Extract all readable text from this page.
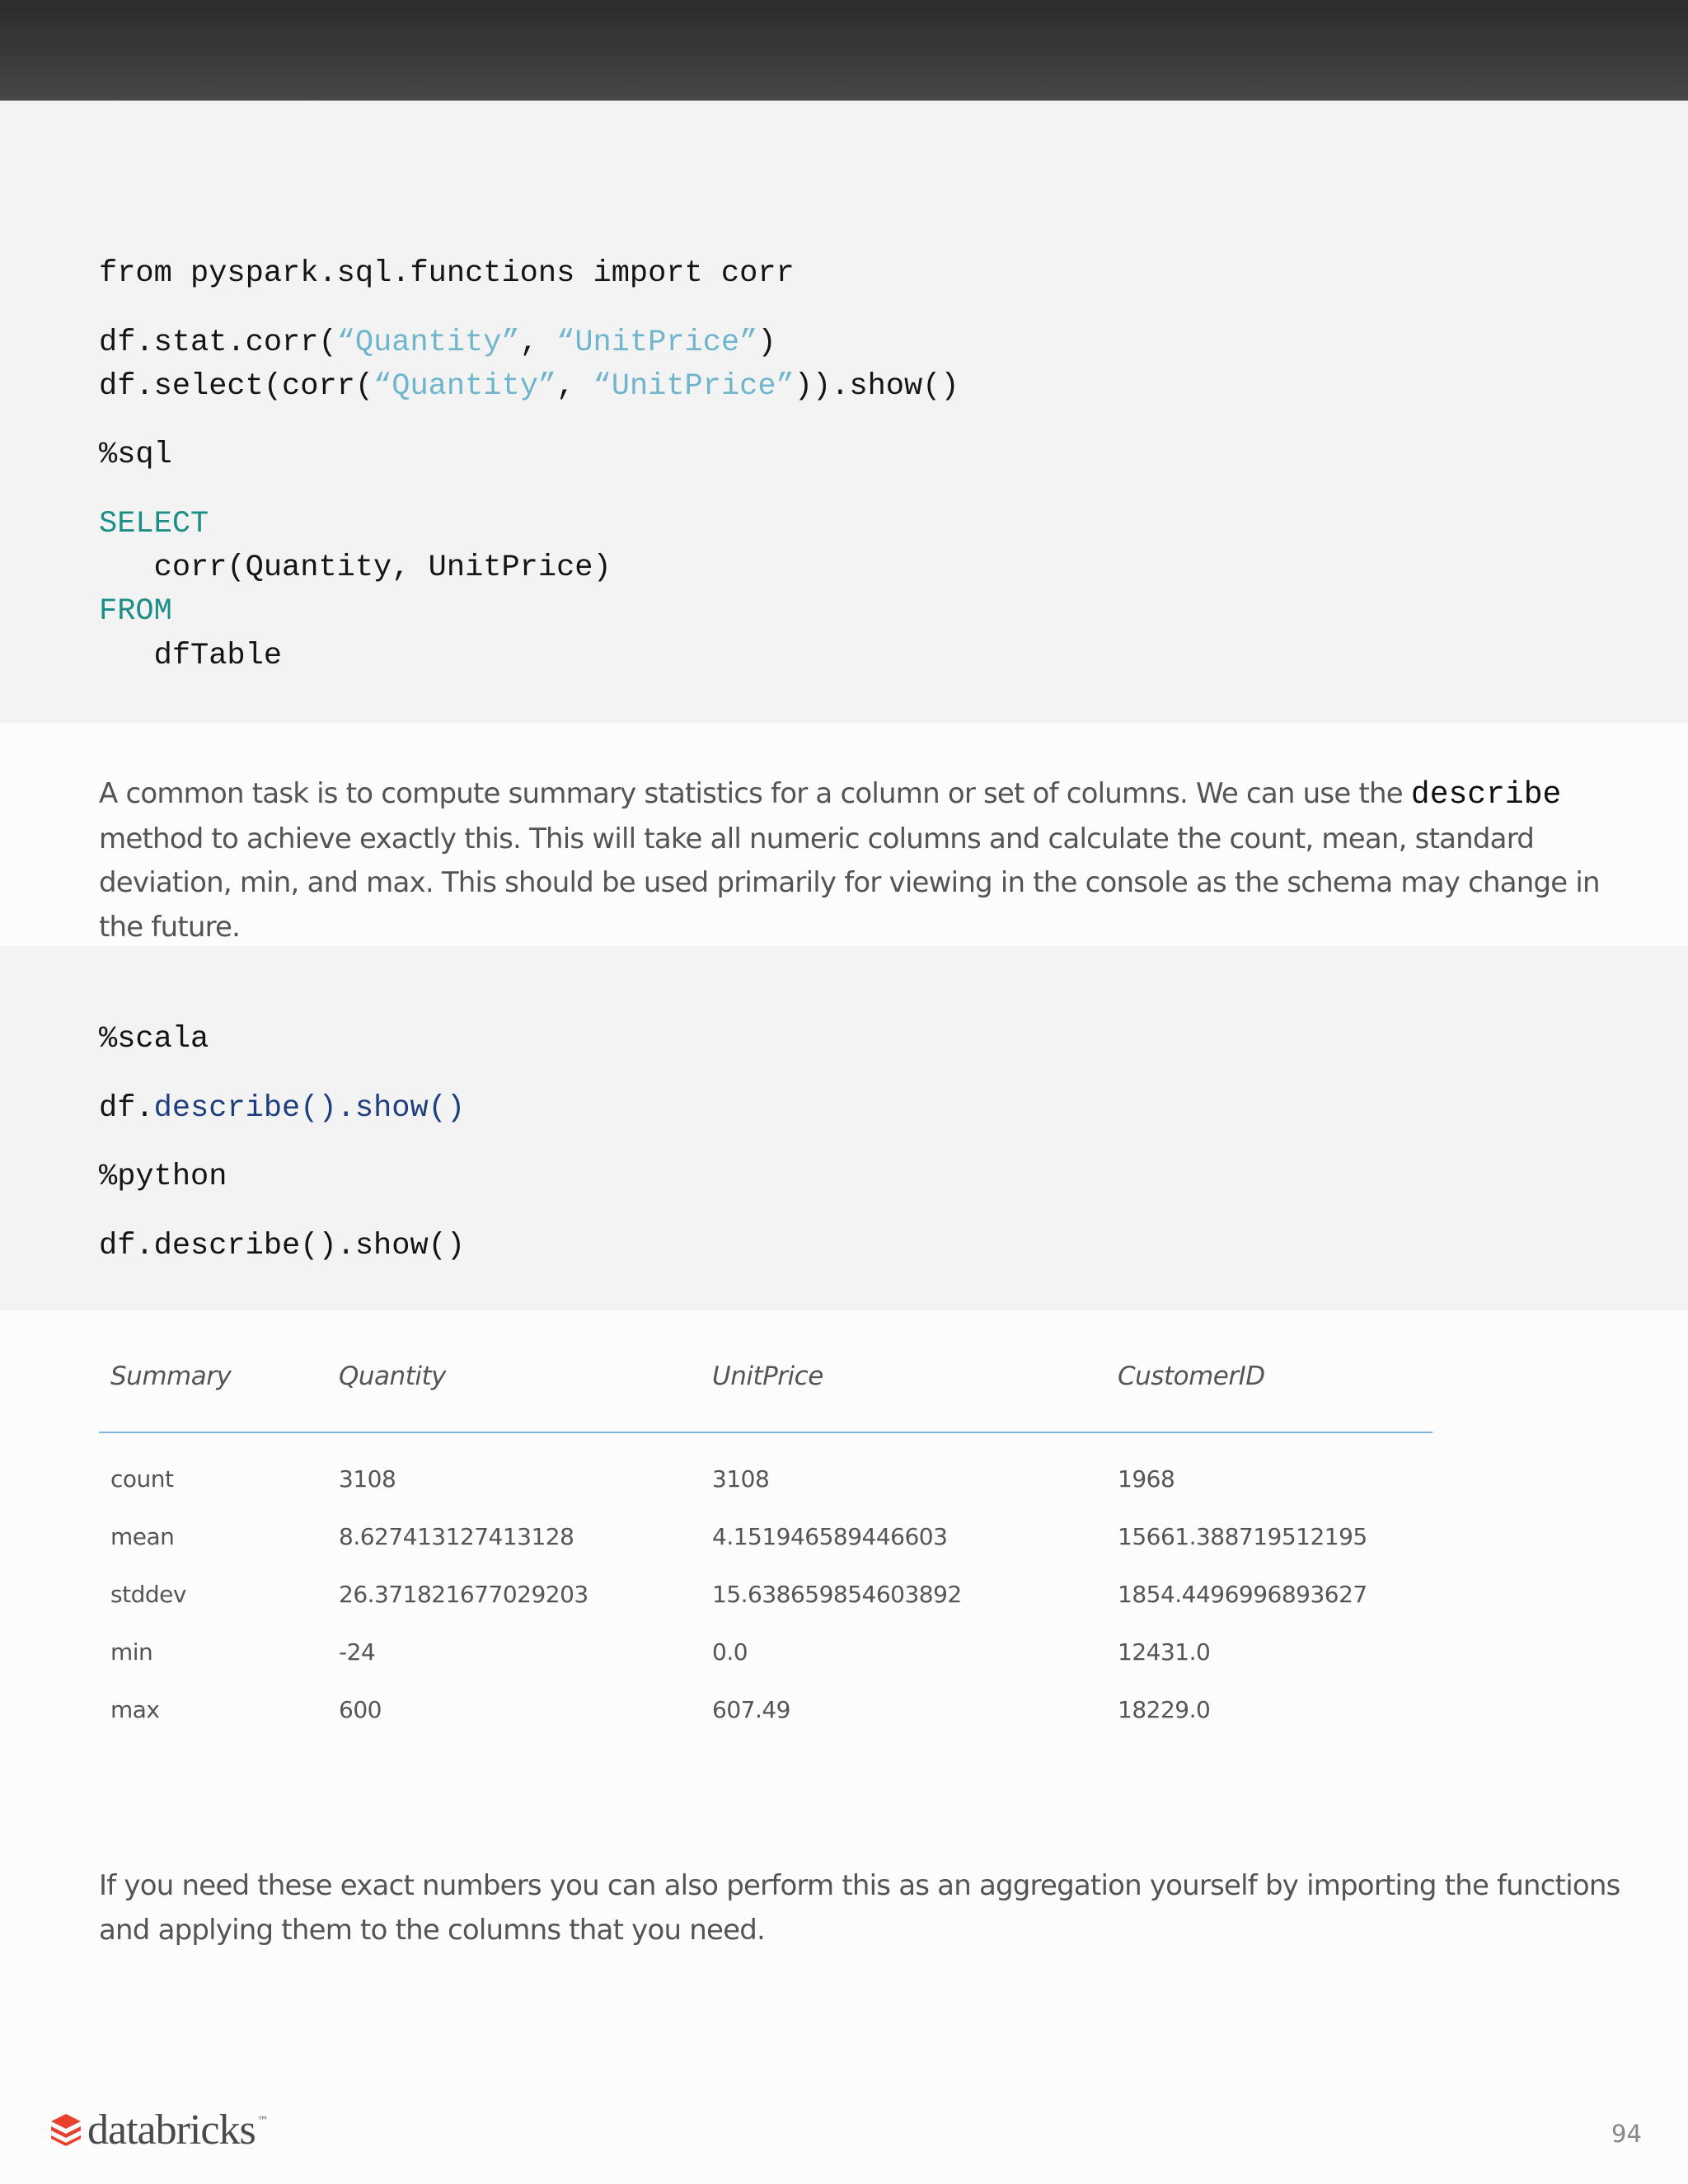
from pyspark.sql.functions import corr
df.stat.corr(“Quantity”, “UnitPrice”)
df.select(corr(“Quantity”, “UnitPrice”)).show()
%sql
SELECT
corr(Quantity, UnitPrice)
FROM
dfTable

A common task is to compute summary statistics for a column or set of columns. We can use the describe method to achieve exactly this. This will take all numeric columns and calculate the count, mean, standard deviation, min, and max. This should be used primarily for viewing in the console as the schema may change in the future.

%scala
df.describe().show()
%python
df.describe().show()
Summary	Quantity	UnitPrice	CustomerID
count	3108	3108	1968
mean	8.627413127413128	4.151946589446603	15661.388719512195
stddev	26.371821677029203	15.638659854603892	1854.4496996893627
min	-24	0.0	12431.0
max	600	607.49	18229.0

If you need these exact numbers you can also perform this as an aggregation yourself by importing the functions and applying them to the columns that you need.

databricks ™	94
